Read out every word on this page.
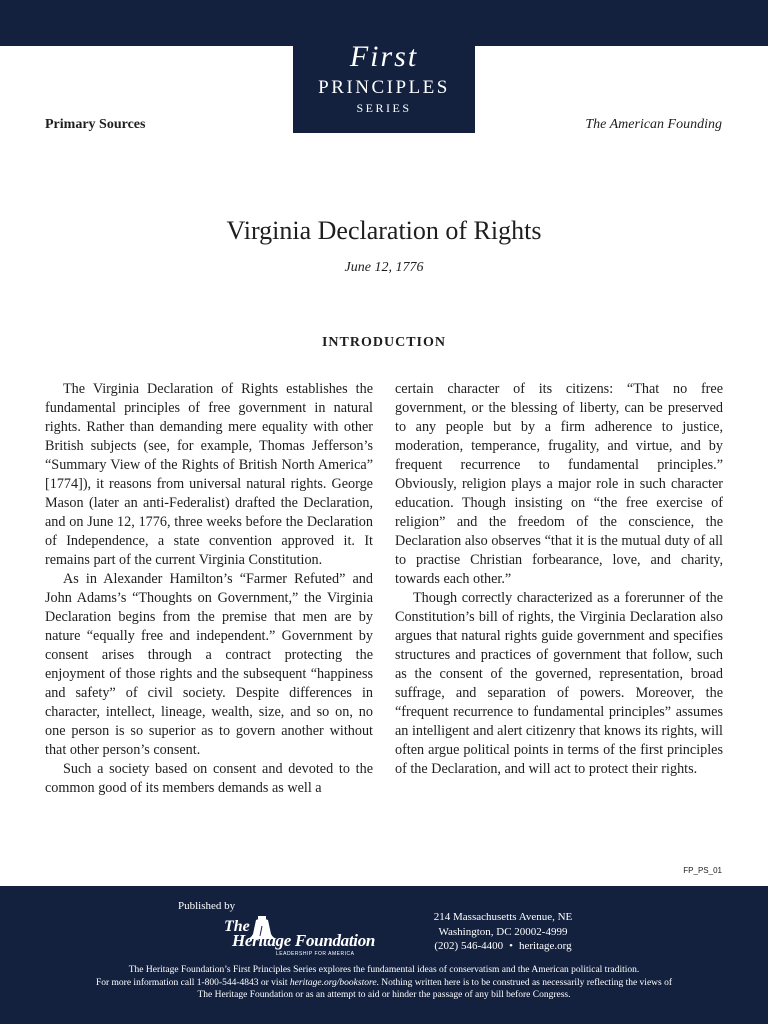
First
PRINCIPLES
SERIES
Primary Sources	The American Founding
Virginia Declaration of Rights
June 12, 1776
INTRODUCTION

The Virginia Declaration of Rights establishes the fundamental principles of free government in natural rights. Rather than demanding mere equality with other British subjects (see, for example, Thomas Jefferson’s “Summary View of the Rights of British North America” [1774]), it reasons from universal natural rights. George Mason (later an anti-Federalist) drafted the Declaration, and on June 12, 1776, three weeks before the Declaration of Independence, a state convention approved it. It remains part of the current Virginia Constitution.

As in Alexander Hamilton’s “Farmer Refuted” and John Adams’s “Thoughts on Government,” the Virginia Declaration begins from the premise that men are by nature “equally free and independent.” Government by consent arises through a contract protecting the enjoyment of those rights and the subsequent “happiness and safety” of civil society. Despite differences in character, intellect, lineage, wealth, size, and so on, no one person is so superior as to govern another without that other person’s consent.

Such a society based on consent and devoted to the common good of its members demands as well a

certain character of its citizens: “That no free government, or the blessing of liberty, can be preserved to any people but by a firm adherence to justice, moderation, temperance, frugality, and virtue, and by frequent recurrence to fundamental principles.” Obviously, religion plays a major role in such character education. Though insisting on “the free exercise of religion” and the freedom of the conscience, the Declaration also observes “that it is the mutual duty of all to practise Christian forbearance, love, and charity, towards each other.”

Though correctly characterized as a forerunner of the Constitution’s bill of rights, the Virginia Declaration also argues that natural rights guide government and specifies structures and practices of government that follow, such as the consent of the governed, representation, broad suffrage, and separation of powers. Moreover, the “frequent recurrence to fundamental principles” assumes an intelligent and alert citizenry that knows its rights, will often argue political points in terms of the first principles of the Declaration, and will act to protect their rights.

FP_PS_01
Published by
The
Heritage Foundation
LEADERSHIP FOR AMERICA
214 Massachusetts Avenue, NE
Washington, DC 20002-4999
(202) 546-4400 • heritage.org
The Heritage Foundation’s First Principles Series explores the fundamental ideas of conservatism and the American political tradition.
For more information call 1-800-544-4843 or visit heritage.org/bookstore. Nothing written here is to be construed as necessarily reflecting the views of
The Heritage Foundation or as an attempt to aid or hinder the passage of any bill before Congress.
